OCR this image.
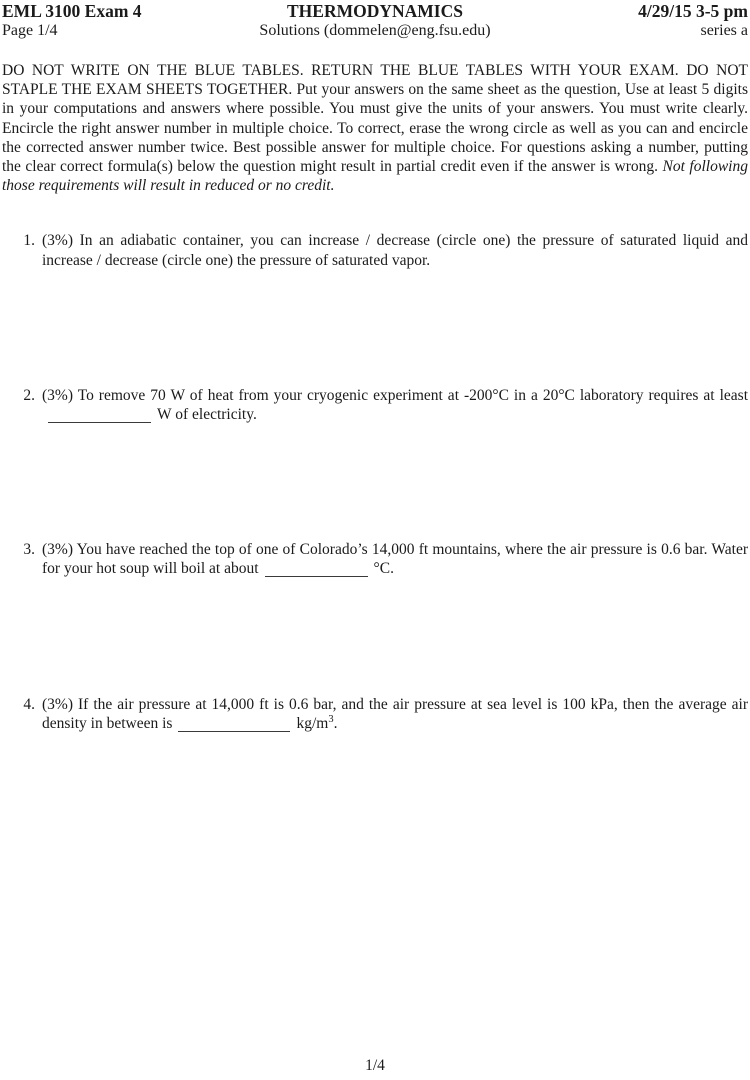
EML 3100 Exam 4	THERMODYNAMICS	4/29/15 3-5 pm
Page 1/4	Solutions (dommelen@eng.fsu.edu)	series a

DO NOT WRITE ON THE BLUE TABLES. RETURN THE BLUE TABLES WITH YOUR EXAM. DO NOT STAPLE THE EXAM SHEETS TOGETHER. Put your answers on the same sheet as the question, Use at least 5 digits in your computations and answers where possible. You must give the units of your answers. You must write clearly. Encircle the right answer number in multiple choice. To correct, erase the wrong circle as well as you can and encircle the corrected answer number twice. Best possible answer for multiple choice. For questions asking a number, putting the clear correct formula(s) below the question might result in partial credit even if the answer is wrong. Not following those requirements will result in reduced or no credit.

1. (3%) In an adiabatic container, you can increase / decrease (circle one) the pressure of saturated liquid and increase / decrease (circle one) the pressure of saturated vapor.
2. (3%) To remove 70 W of heat from your cryogenic experiment at -200°C in a 20°C laboratory requires at leastW of electricity.
3. (3%) You have reached the top of one of Colorado’s 14,000 ft mountains, where the air pressure is 0.6 bar. Water for your hot soup will boil at about	°C.
4. (3%) If the air pressure at 14,000 ft is 0.6 bar, and the air pressure at sea level is 100 kPa, then the average air density in between is	$kg/m^3$.
1/4
